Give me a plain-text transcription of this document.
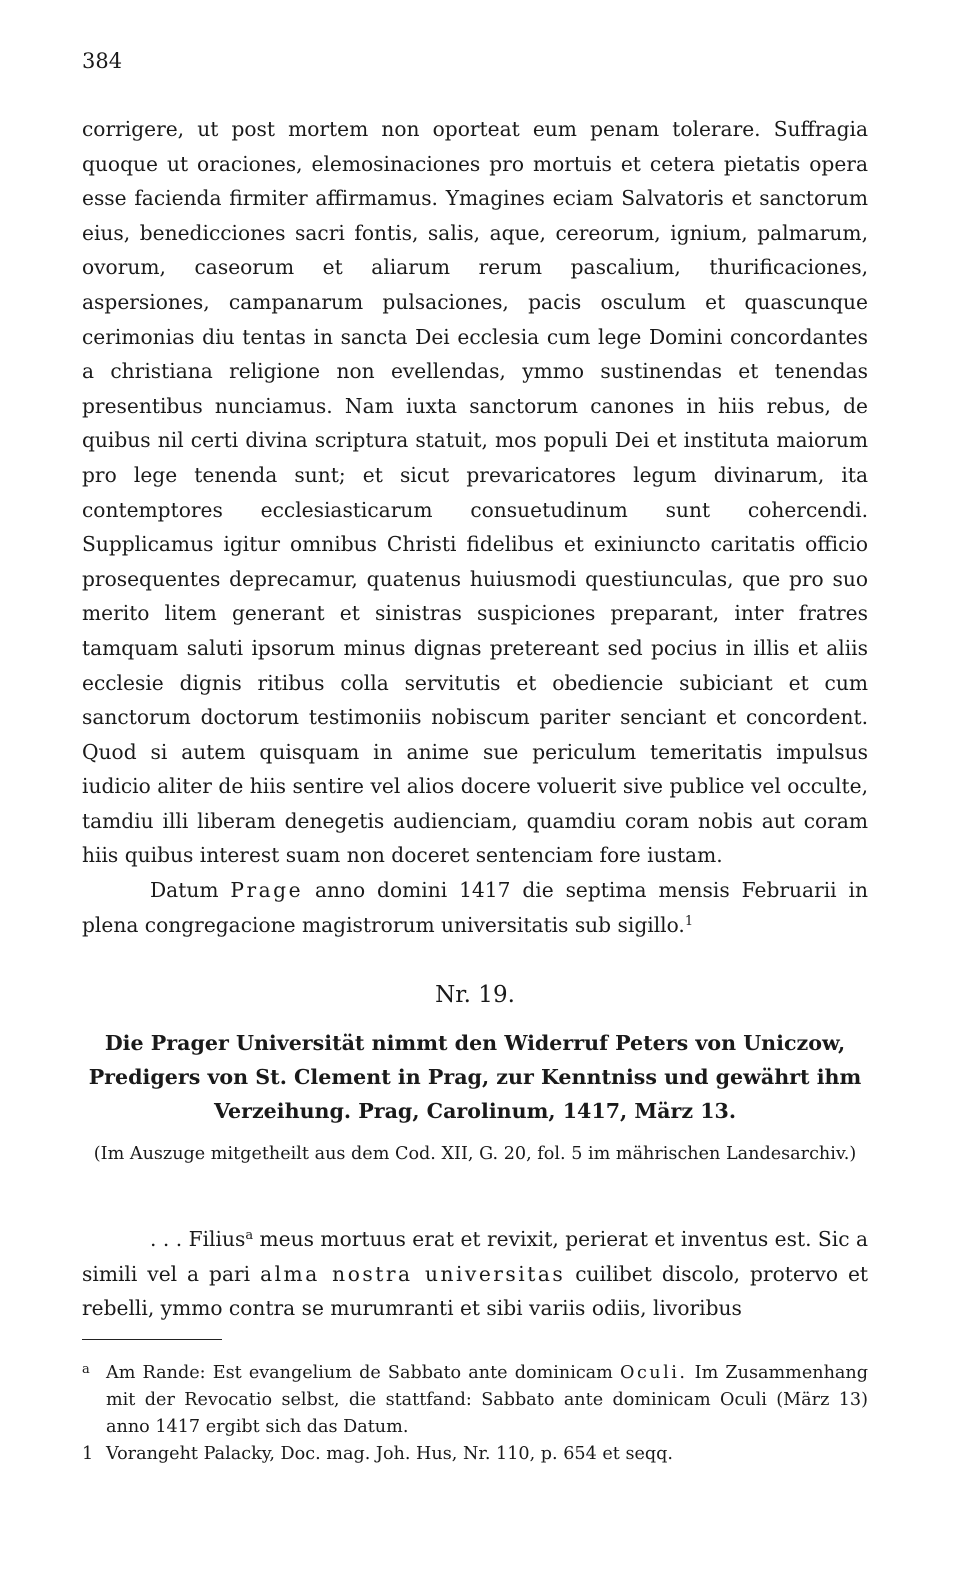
384

corrigere, ut post mortem non oporteat eum penam tolerare. Suffragia quoque ut oraciones, elemosinaciones pro mortuis et cetera pietatis opera esse facienda firmiter affirmamus. Ymagines eciam Salvatoris et sanctorum eius, benedicciones sacri fontis, salis, aque, cereorum, ignium, palmarum, ovorum, caseorum et aliarum rerum pascalium, thurificaciones, aspersiones, campanarum pulsaciones, pacis osculum et quascunque cerimonias diu tentas in sancta Dei ecclesia cum lege Domini concordantes a christiana religione non evellendas, ymmo sustinendas et tenendas presentibus nunciamus. Nam iuxta sanctorum canones in hiis rebus, de quibus nil certi divina scriptura statuit, mos populi Dei et instituta maiorum pro lege tenenda sunt; et sicut prevaricatores legum divinarum, ita contemptores ecclesiasticarum consuetudinum sunt cohercendi. Supplicamus igitur omnibus Christi fidelibus et exiniuncto caritatis officio prosequentes deprecamur, quatenus huiusmodi questiunculas, que pro suo merito litem generant et sinistras suspiciones preparant, inter fratres tamquam saluti ipsorum minus dignas pretereant sed pocius in illis et aliis ecclesie dignis ritibus colla servitutis et obediencie subiciant et cum sanctorum doctorum testimoniis nobiscum pariter senciant et concordent. Quod si autem quisquam in anime sue periculum temeritatis impulsus iudicio aliter de hiis sentire vel alios docere voluerit sive publice vel occulte, tamdiu illi liberam denegetis audienciam, quamdiu coram nobis aut coram hiis quibus interest suam non doceret sentenciam fore iustam.

Datum Prage anno domini 1417 die septima mensis Februarii in plena congregacione magistrorum universitatis sub sigillo.$^1$

Nr. 19.

Die Prager Universität nimmt den Widerruf Peters von Uniczow, Predigers von St. Clement in Prag, zur Kenntniss und gewährt ihm Verzeihung. Prag, Carolinum, 1417, März 13.

(Im Auszuge mitgetheilt aus dem Cod. XII, G. 20, fol. 5 im mährischen Landesarchiv.)

. . . Filius$^a$ meus mortuus erat et revixit, perierat et inventus est. Sic a simili vel a pari alma nostra universitas cuilibet discolo, protervo et rebelli, ymmo contra se murumranti et sibi variis odiis, livoribus

a Am Rande: Est evangelium de Sabbato ante dominicam Oculi. Im Zusammenhang mit der Revocatio selbst, die stattfand: Sabbato ante dominicam Oculi (März 13) anno 1417 ergibt sich das Datum.

1 Vorangeht Palacky, Doc. mag. Joh. Hus, Nr. 110, p. 654 et seqq.
